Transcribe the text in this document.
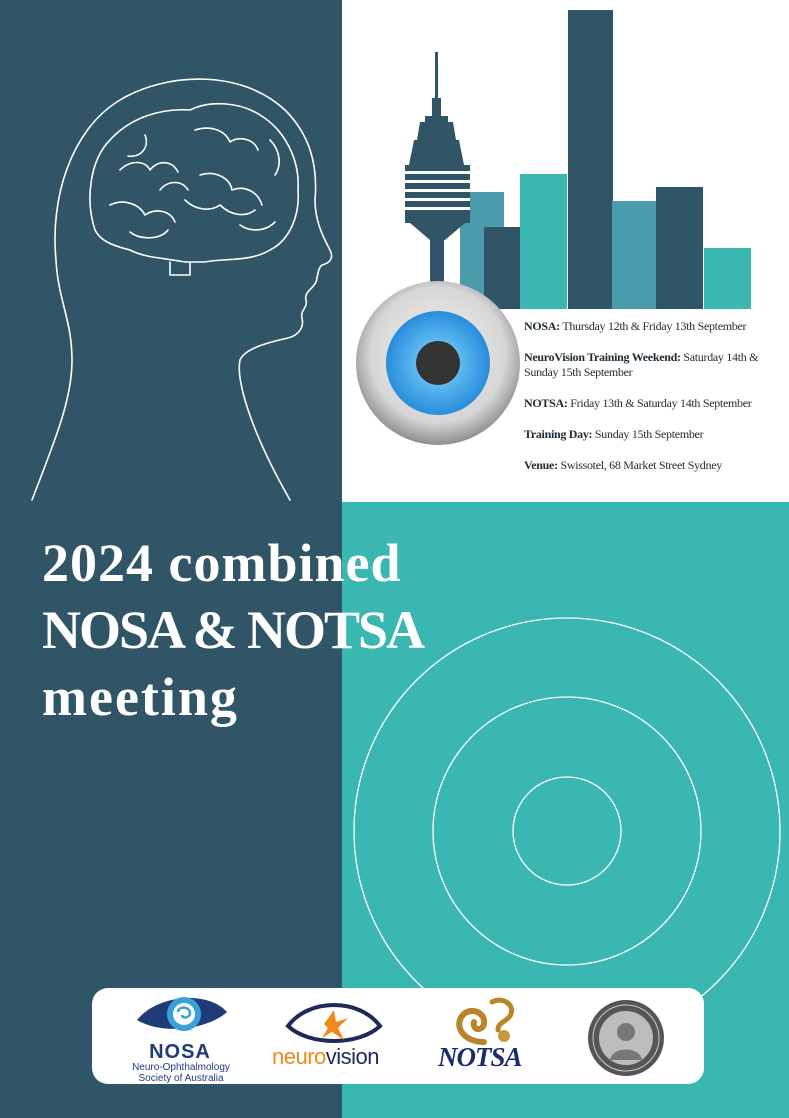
NOSA: Thursday 12th & Friday 13th September

NeuroVision Training Weekend: Saturday 14th & Sunday 15th September

NOTSA: Friday 13th & Saturday 14th September

Training Day: Sunday 15th September

Venue: Swissotel, 68 Market Street Sydney

2024 combined
NOSA & NOTSA
meeting
NOSA
Neuro-Ophthalmology
Society of Australia
neurovision NOTSA
